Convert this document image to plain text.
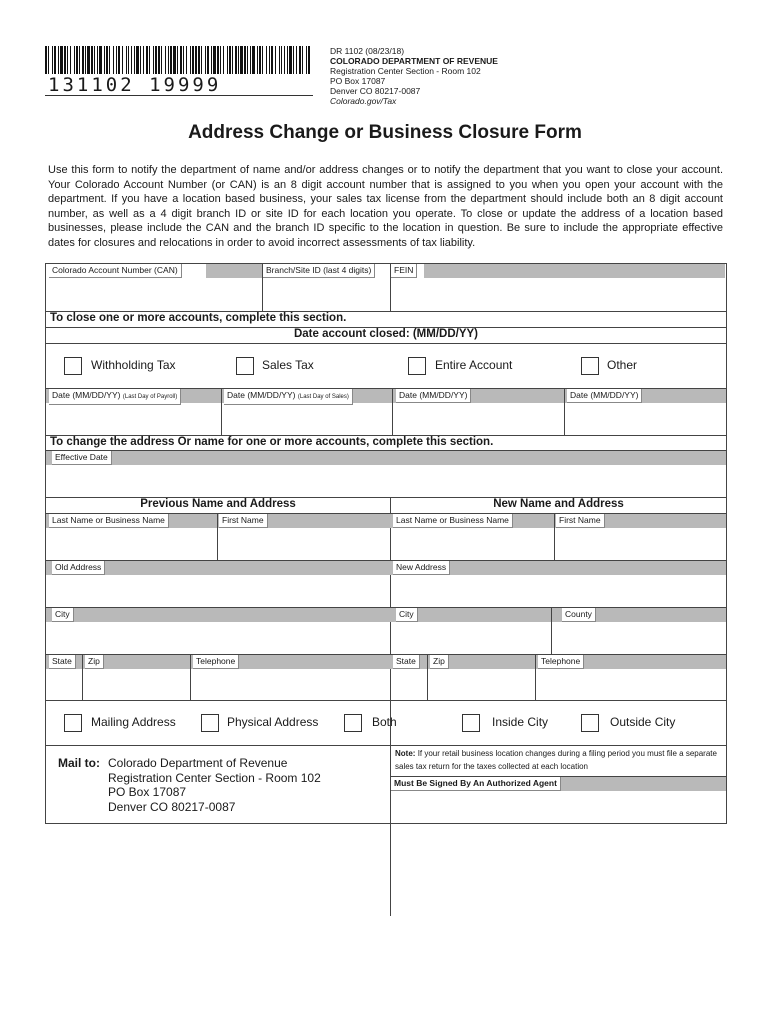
131102 19999
DR 1102 (08/23/18)
COLORADO DEPARTMENT OF REVENUE
Registration Center Section - Room 102
PO Box 17087
Denver CO 80217-0087
Colorado.gov/Tax
Address Change or Business Closure Form
Use this form to notify the department of name and/or address changes or to notify the department that you want to close your account. Your Colorado Account Number (or CAN) is an 8 digit account number that is assigned to you when you open your account with the department. If you have a location based business, your sales tax license from the department should include both an 8 digit account number, as well as a 4 digit branch ID or site ID for each location you operate. To close or update the address of a location based businesses, please include the CAN and the branch ID specific to the location in question. Be sure to include the appropriate effective dates for closures and relocations in order to avoid incorrect assessments of tax liability.
Colorado Account Number (CAN)	Branch/Site ID (last 4 digits)	FEIN
To close one or more accounts, complete this section.
Date account closed: (MM/DD/YY)
Withholding Tax	Sales Tax	Entire Account	Other
Date (MM/DD/YY) (Last Day of Payroll)	Date (MM/DD/YY) (Last Day of Sales)	Date (MM/DD/YY)	Date (MM/DD/YY)
To change the address Or name for one or more accounts, complete this section.
Effective Date
Previous Name and Address	New Name and Address
Last Name or Business Name	First Name	Last Name or Business Name	First Name
Old Address	New Address
City	City	County
State	Zip	Telephone	State	Zip	Telephone
Mailing Address	Physical Address	Both	Inside City	Outside City
Mail to: Colorado Department of Revenue
Registration Center Section - Room 102
PO Box 17087
Denver CO 80217-0087
Note: If your retail business location changes during a filing period you must file a separate sales tax return for the taxes collected at each location
Must Be Signed By An Authorized Agent
